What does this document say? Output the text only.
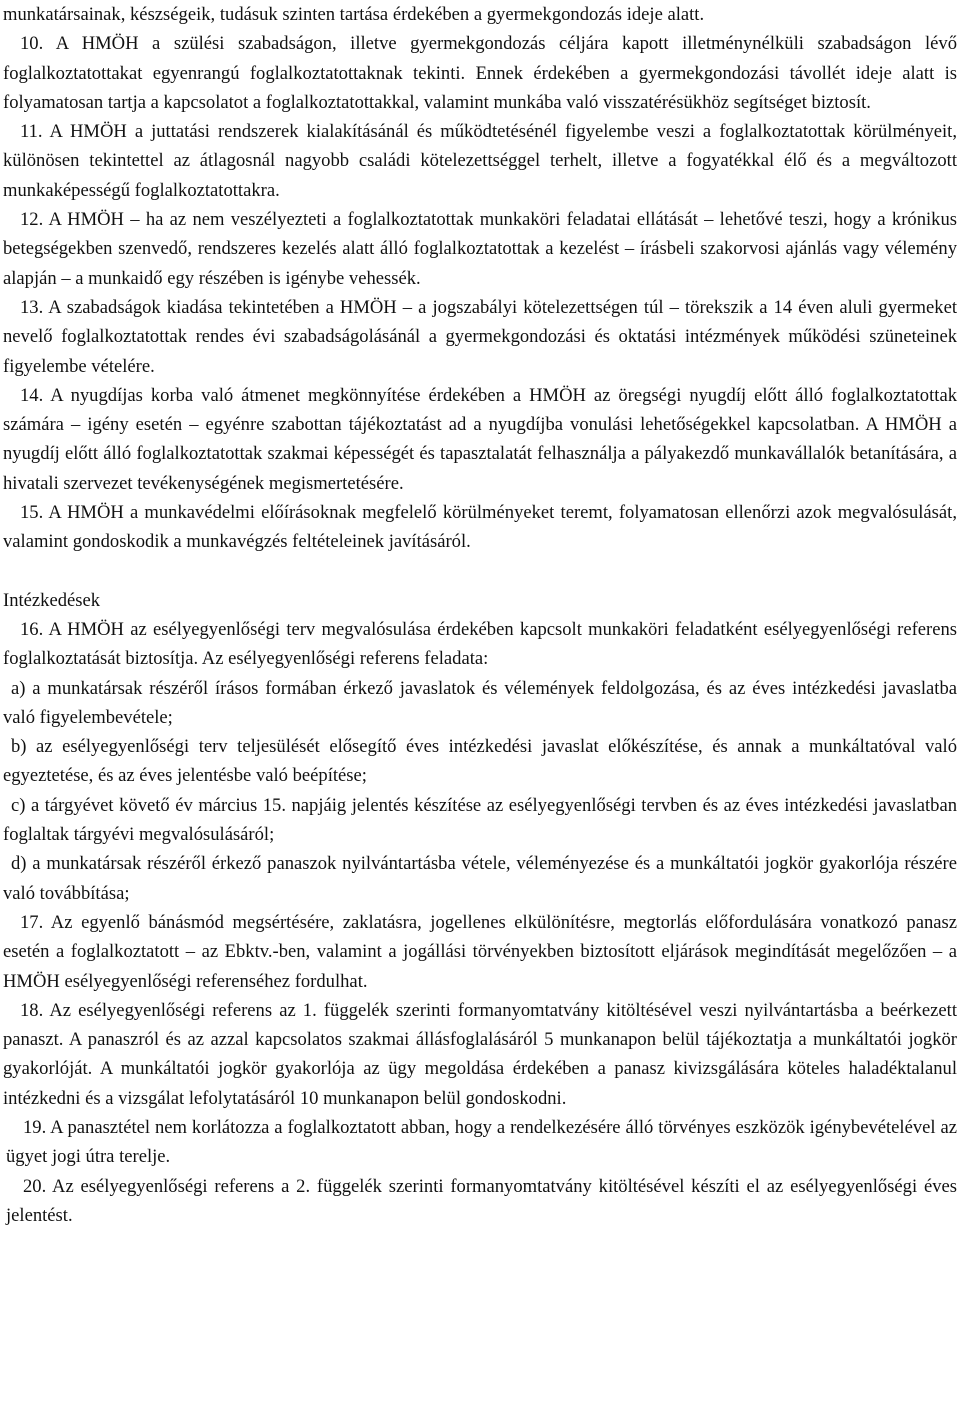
munkatársainak, készségeik, tudásuk szinten tartása érdekében a gyermekgondozás ideje alatt.

10. A HMÖH a szülési szabadságon, illetve gyermekgondozás céljára kapott illetménynélküli szabadságon lévő foglalkoztatottakat egyenrangú foglalkoztatottaknak tekinti. Ennek érdekében a gyermekgondozási távollét ideje alatt is folyamatosan tartja a kapcsolatot a foglalkoztatottakkal, valamint munkába való visszatérésükhöz segítséget biztosít.

11. A HMÖH a juttatási rendszerek kialakításánál és működtetésénél figyelembe veszi a foglalkoztatottak körülményeit, különösen tekintettel az átlagosnál nagyobb családi kötelezettséggel terhelt, illetve a fogyatékkal élő és a megváltozott munkaképességű foglalkoztatottakra.

12. A HMÖH – ha az nem veszélyezteti a foglalkoztatottak munkaköri feladatai ellátását – lehetővé teszi, hogy a krónikus betegségekben szenvedő, rendszeres kezelés alatt álló foglalkoztatottak a kezelést – írásbeli szakorvosi ajánlás vagy vélemény alapján – a munkaidő egy részében is igénybe vehessék.

13. A szabadságok kiadása tekintetében a HMÖH – a jogszabályi kötelezettségen túl – törekszik a 14 éven aluli gyermeket nevelő foglalkoztatottak rendes évi szabadságolásánál a gyermekgondozási és oktatási intézmények működési szüneteinek figyelembe vételére.

14. A nyugdíjas korba való átmenet megkönnyítése érdekében a HMÖH az öregségi nyugdíj előtt álló foglalkoztatottak számára – igény esetén – egyénre szabottan tájékoztatást ad a nyugdíjba vonulási lehetőségekkel kapcsolatban. A HMÖH a nyugdíj előtt álló foglalkoztatottak szakmai képességét és tapasztalatát felhasználja a pályakezdő munkavállalók betanítására, a hivatali szervezet tevékenységének megismertetésére.

15. A HMÖH a munkavédelmi előírásoknak megfelelő körülményeket teremt, folyamatosan ellenőrzi azok megvalósulását, valamint gondoskodik a munkavégzés feltételeinek javításáról.

Intézkedések

16. A HMÖH az esélyegyenlőségi terv megvalósulása érdekében kapcsolt munkaköri feladatként esélyegyenlőségi referens foglalkoztatását biztosítja. Az esélyegyenlőségi referens feladata:

a) a munkatársak részéről írásos formában érkező javaslatok és vélemények feldolgozása, és az éves intézkedési javaslatba való figyelembevétele;

b) az esélyegyenlőségi terv teljesülését elősegítő éves intézkedési javaslat előkészítése, és annak a munkáltatóval való egyeztetése, és az éves jelentésbe való beépítése;

c) a tárgyévet követő év március 15. napjáig jelentés készítése az esélyegyenlőségi tervben és az éves intézkedési javaslatban foglaltak tárgyévi megvalósulásáról;

d) a munkatársak részéről érkező panaszok nyilvántartásba vétele, véleményezése és a munkáltatói jogkör gyakorlója részére való továbbítása;

17. Az egyenlő bánásmód megsértésére, zaklatásra, jogellenes elkülönítésre, megtorlás előfordulására vonatkozó panasz esetén a foglalkoztatott – az Ebktv.-ben, valamint a jogállási törvényekben biztosított eljárások megindítását megelőzően – a HMÖH esélyegyenlőségi referenséhez fordulhat.

18. Az esélyegyenlőségi referens az 1. függelék szerinti formanyomtatvány kitöltésével veszi nyilvántartásba a beérkezett panaszt. A panaszról és az azzal kapcsolatos szakmai állásfoglalásáról 5 munkanapon belül tájékoztatja a munkáltatói jogkör gyakorlóját. A munkáltatói jogkör gyakorlója az ügy megoldása érdekében a panasz kivizsgálására köteles haladéktalanul intézkedni és a vizsgálat lefolytatásáról 10 munkanapon belül gondoskodni.

19. A panasztétel nem korlátozza a foglalkoztatott abban, hogy a rendelkezésére álló törvényes eszközök igénybevételével az ügyet jogi útra terelje.

20. Az esélyegyenlőségi referens a 2. függelék szerinti formanyomtatvány kitöltésével készíti el az esélyegyenlőségi éves jelentést.
